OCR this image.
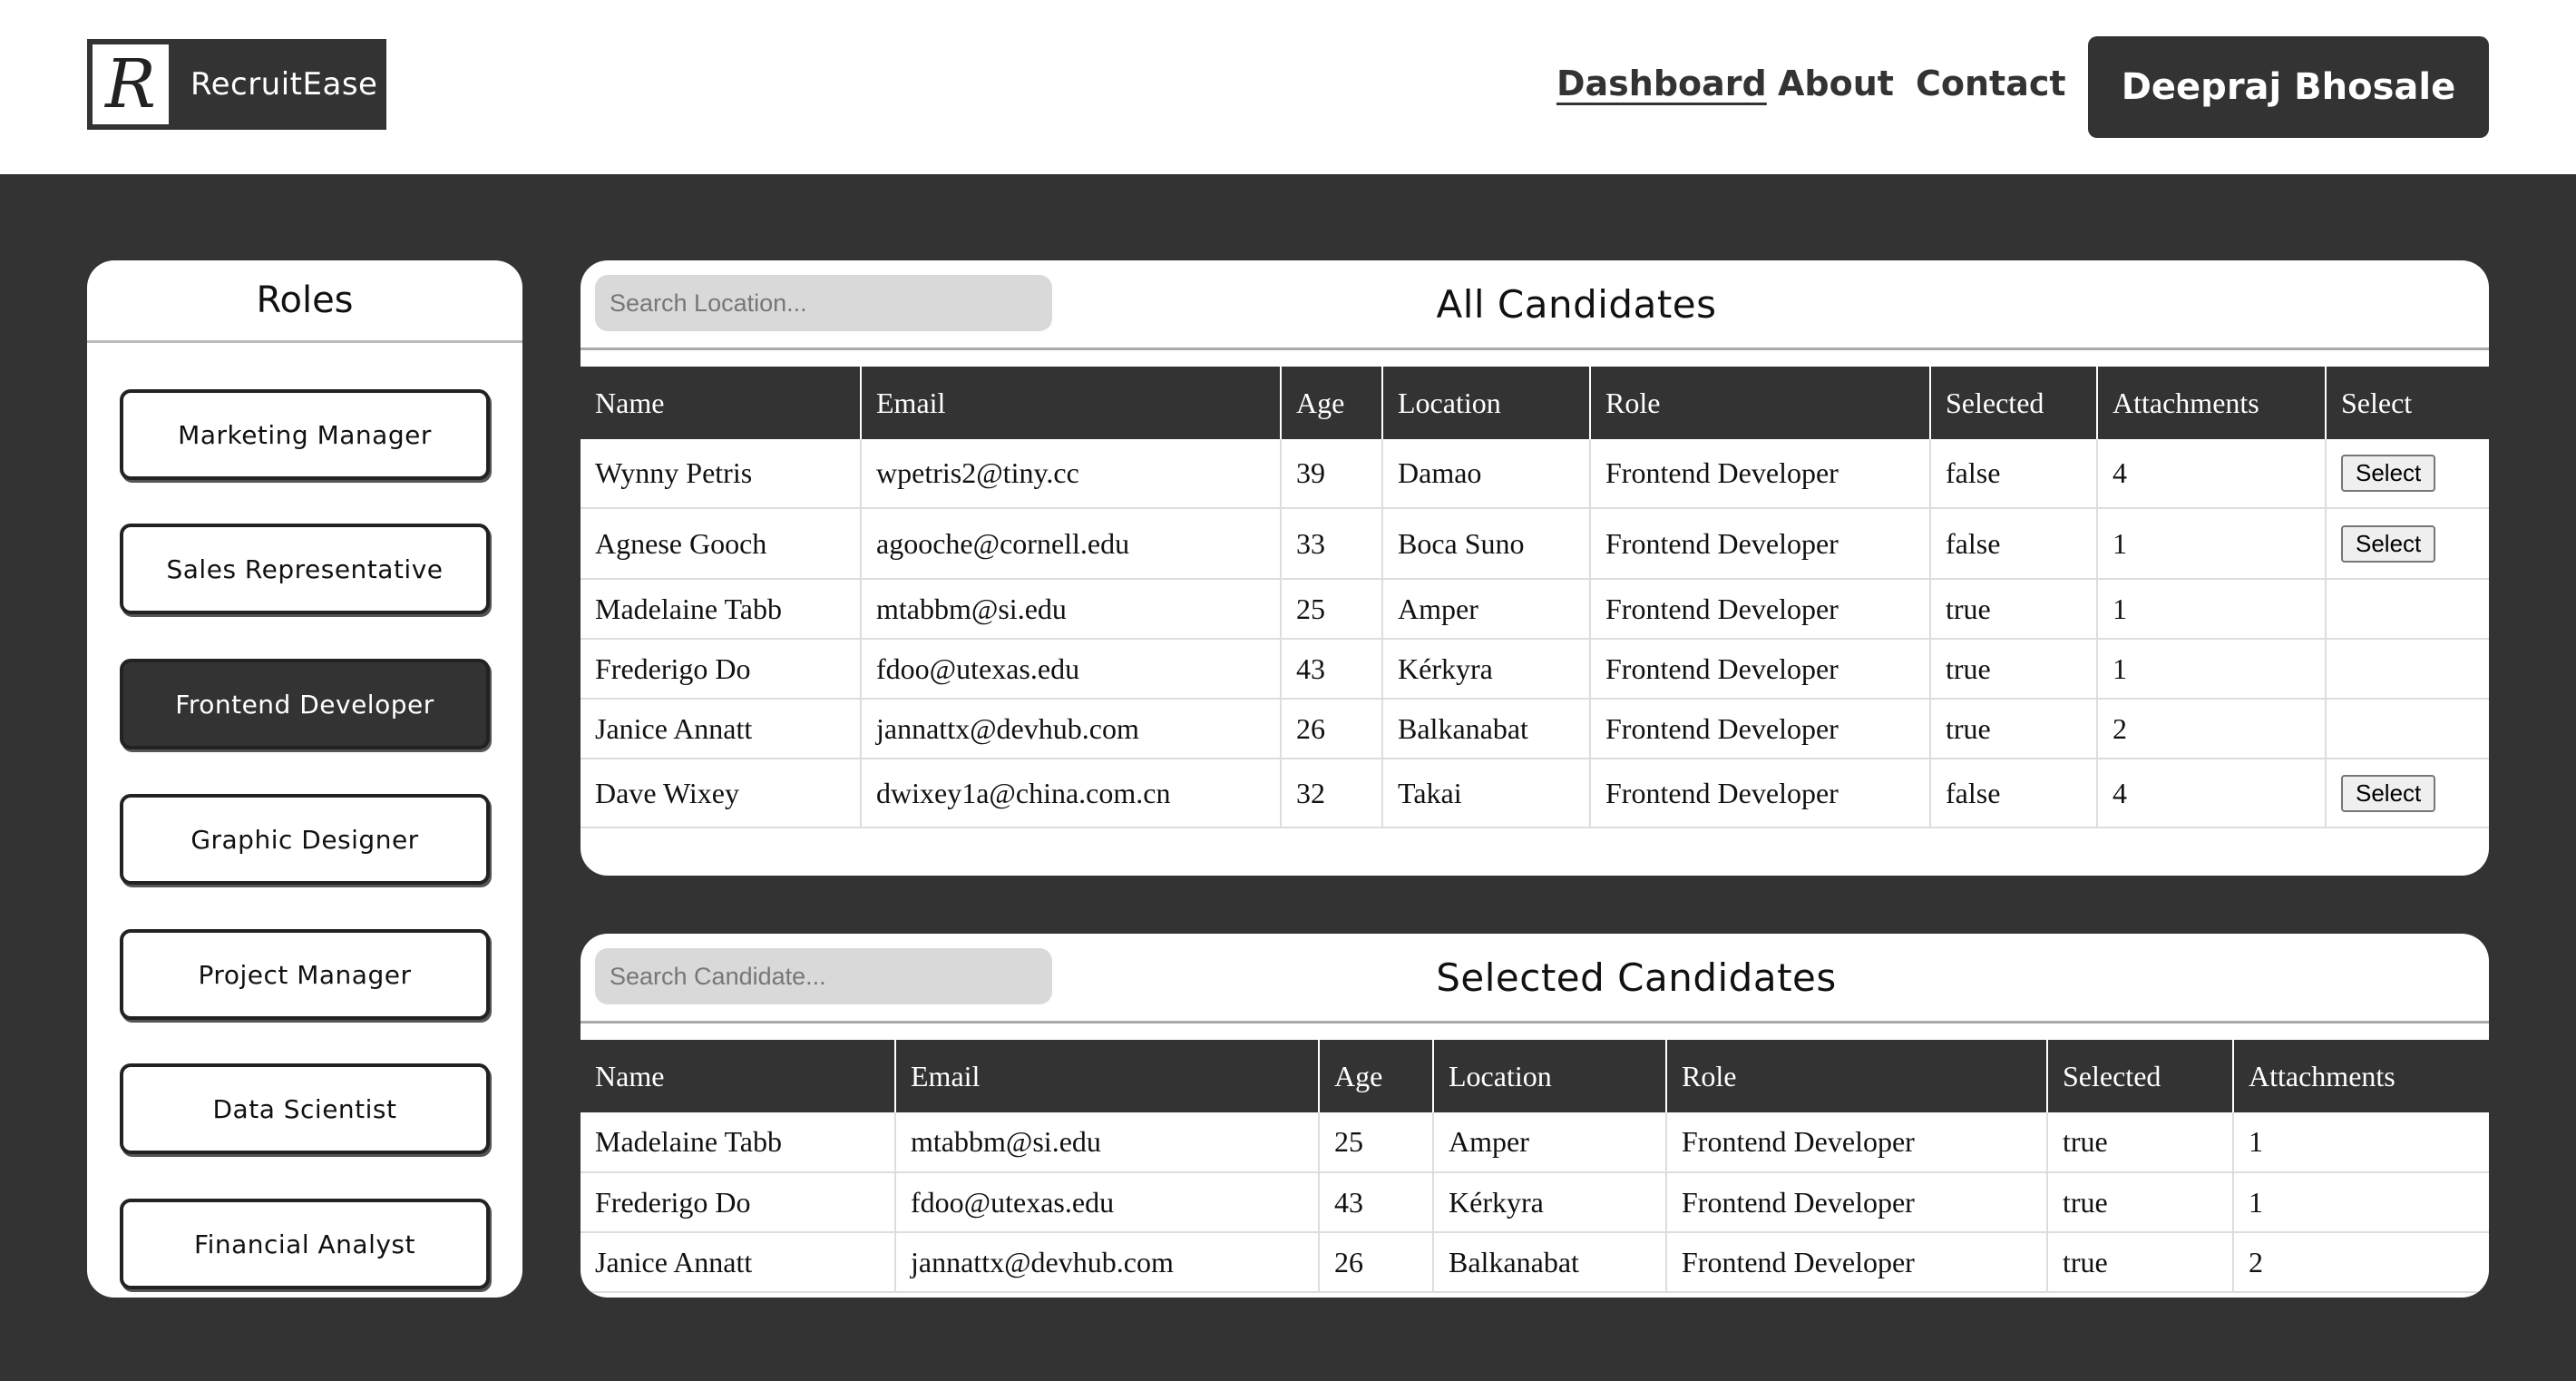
R RecruitEase	Dashboard About Contact	Deepraj Bhosale
Roles
Marketing Manager
Sales Representative
Frontend Developer
Graphic Designer
Project Manager
Data Scientist
Financial Analyst
Search Location...
All Candidates
Name	Email	Age	Location	Role	Selected	Attachments	Select
Wynny Petris	wpetris2@tiny.cc	39	Damao	Frontend Developer	false	4	Select
Agnese Gooch	agooche@cornell.edu	33	Boca Suno	Frontend Developer	false	1	Select
Madelaine Tabb	mtabbm@si.edu	25	Amper	Frontend Developer	true	1	
Frederigo Do	fdoo@utexas.edu	43	Kérkyra	Frontend Developer	true	1	
Janice Annatt	jannattx@devhub.com	26	Balkanabat	Frontend Developer	true	2	
Dave Wixey	dwixey1a@china.com.cn	32	Takai	Frontend Developer	false	4	Select
Search Candidate...
Selected Candidates
Name	Email	Age	Location	Role	Selected	Attachments
Madelaine Tabb	mtabbm@si.edu	25	Amper	Frontend Developer	true	1
Frederigo Do	fdoo@utexas.edu	43	Kérkyra	Frontend Developer	true	1
Janice Annatt	jannattx@devhub.com	26	Balkanabat	Frontend Developer	true	2
